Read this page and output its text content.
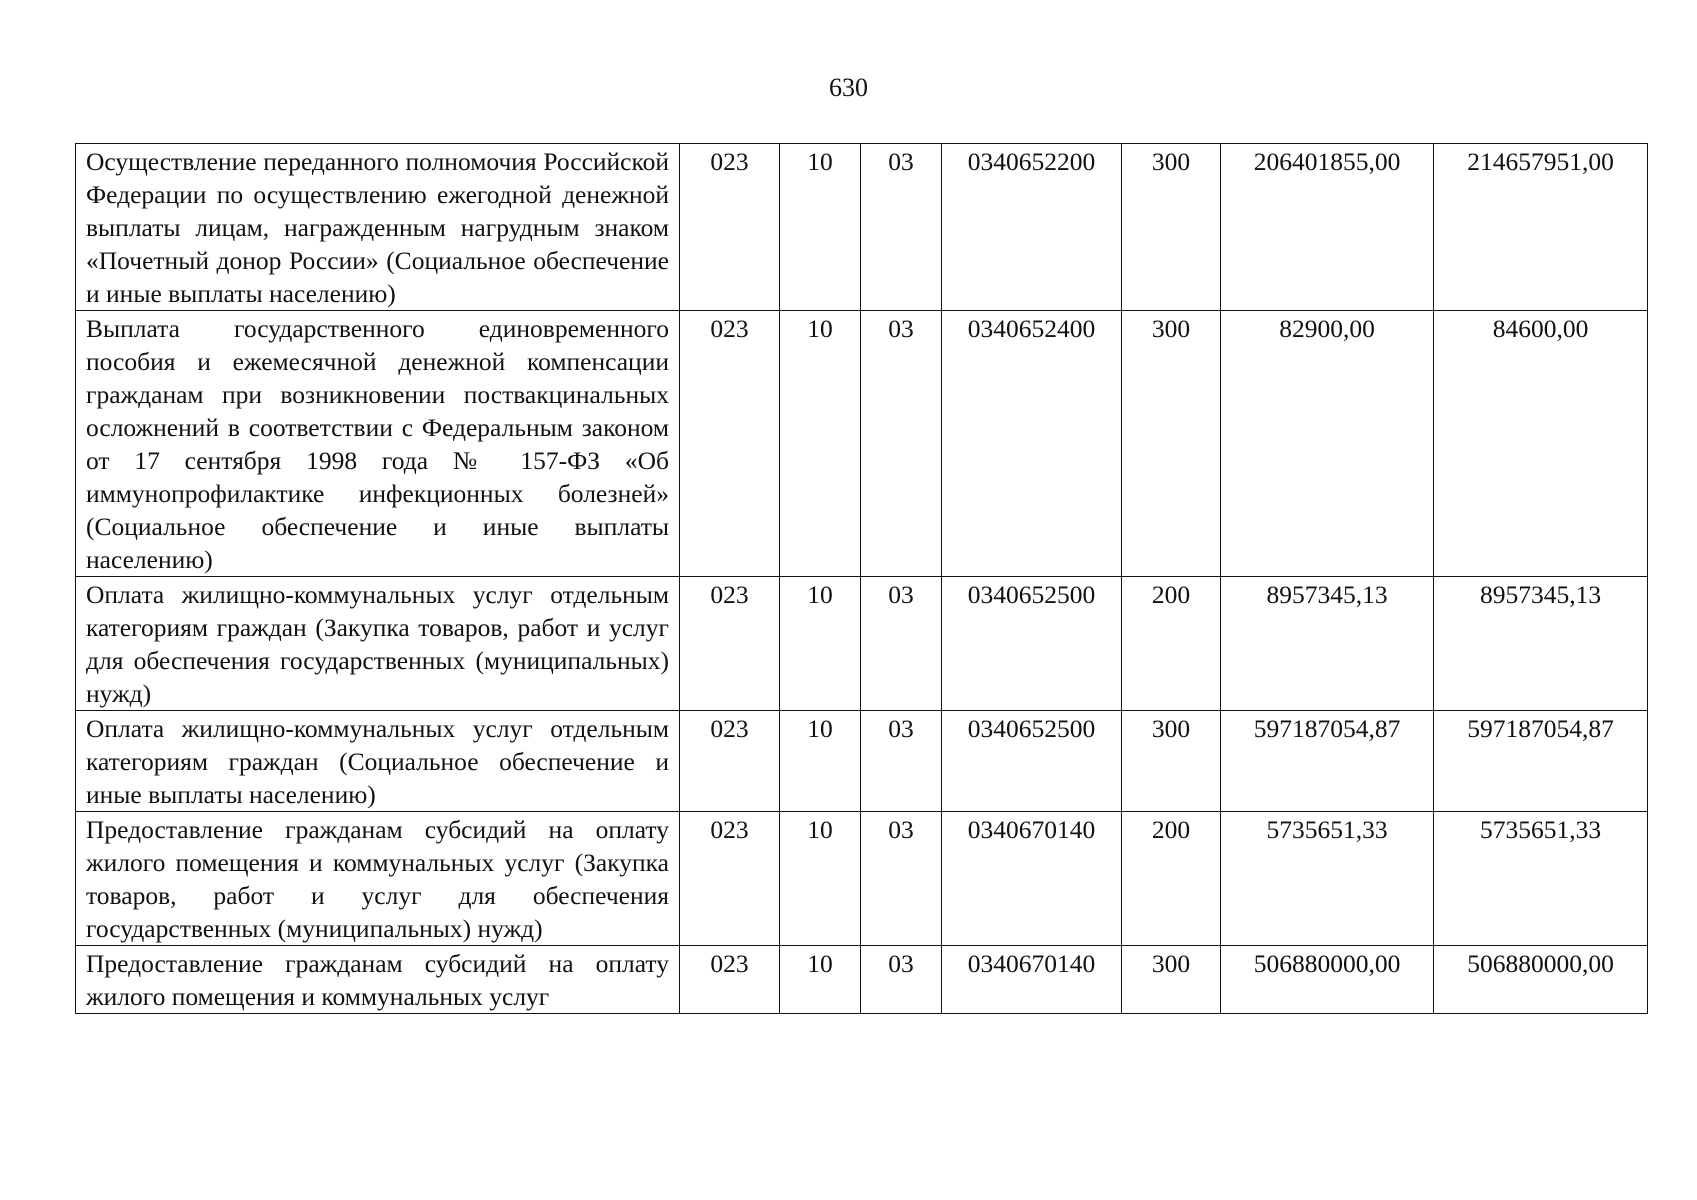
630
Осуществление переданного полномочия Российской Федерации по осуществлению ежегодной денежной выплаты лицам, награжденным нагрудным знаком «Почетный донор России» (Социальное обеспечение и иные выплаты населению)	023	10	03	0340652200	300	206401855,00	214657951,00
Выплата государственного единовременного пособия и ежемесячной денежной компенсации гражданам при возникновении поствакцинальных осложнений в соответствии с Федеральным законом от 17 сентября 1998 года № 157-ФЗ «Об иммунопрофилактике инфекционных болезней» (Социальное обеспечение и иные выплаты населению)	023	10	03	0340652400	300	82900,00	84600,00
Оплата жилищно-коммунальных услуг отдельным категориям граждан (Закупка товаров, работ и услуг для обеспечения государственных (муниципальных) нужд)	023	10	03	0340652500	200	8957345,13	8957345,13
Оплата жилищно-коммунальных услуг отдельным категориям граждан (Социальное обеспечение и иные выплаты населению)	023	10	03	0340652500	300	597187054,87	597187054,87
Предоставление гражданам субсидий на оплату жилого помещения и коммунальных услуг (Закупка товаров, работ и услуг для обеспечения государственных (муниципальных) нужд)	023	10	03	0340670140	200	5735651,33	5735651,33

Предоставление гражданам субсидий на оплату жилого помещения и коммунальных услуг	023	10	03	0340670140	300	506880000,00	506880000,00
